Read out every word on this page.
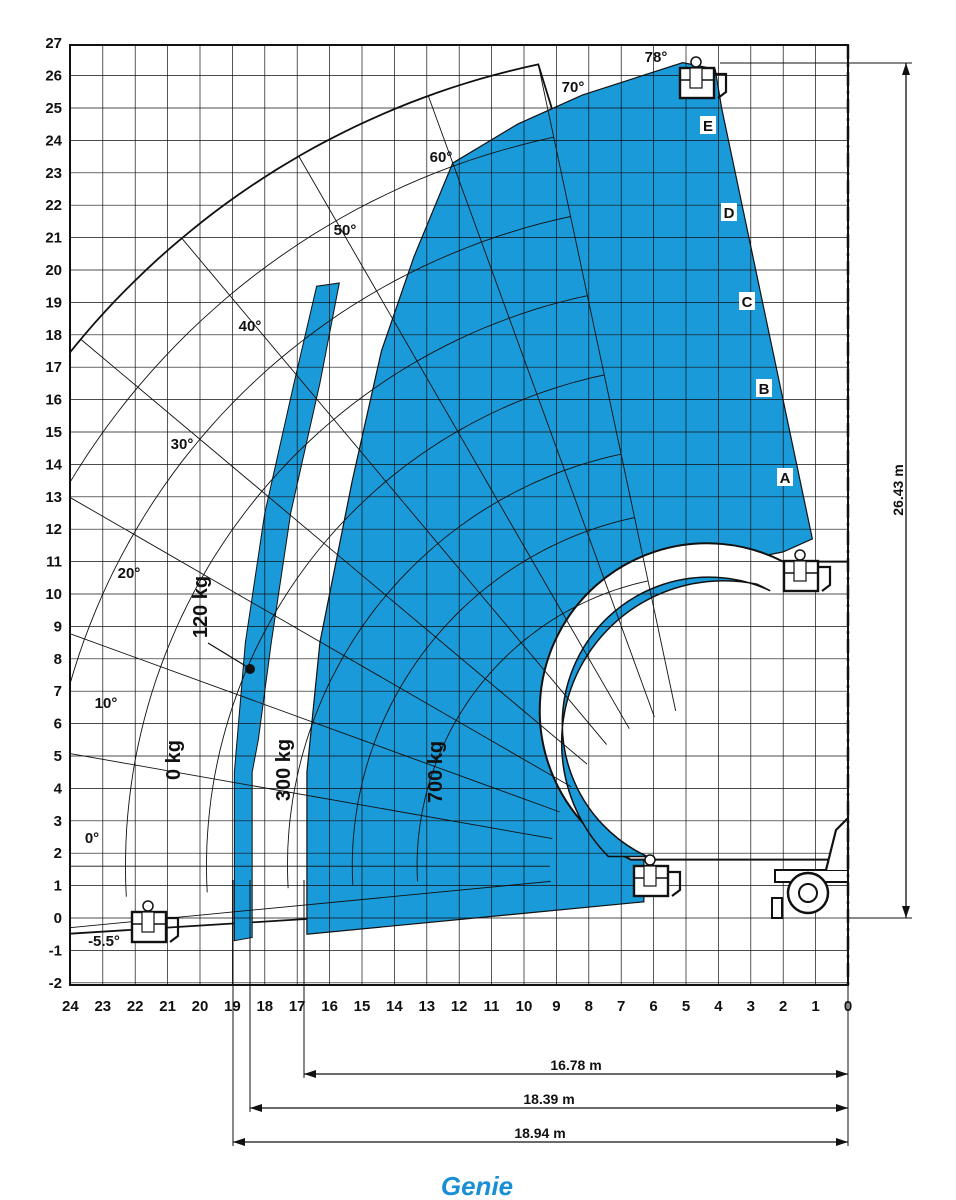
24 23 22 21 20 19 18 17 16 15 14 13 12 11 10 9 8 7 6 5 4 3 2 1 0
27
26
25
24
23
22
21
20
19
18
17
16
15
14
13
12
11
10
9
8
7
6
5
4
3
2
1
0
-1
-2
78°
70°
60°
50°
40°
30°
20°
10°
0°
-5.5°
0 kg
120 kg
300 kg	700 kg
A
B
C
D
E
26.43 m
16.78 m
18.39 m
18.94 m
Genie
